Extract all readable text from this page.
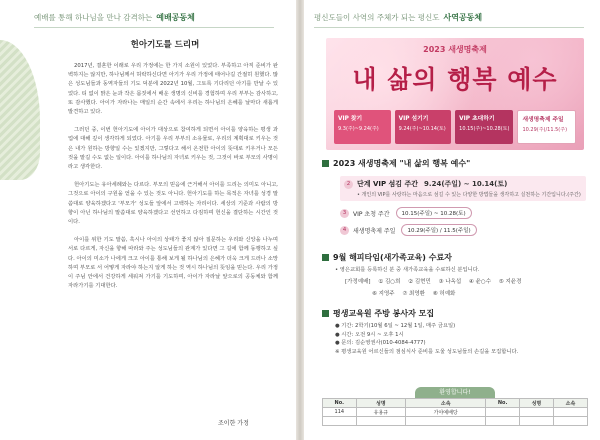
예배를 통해 하나님을 만나 감격하는 예배공동체
헌아기도를 드리며

2017년, 결혼한 이래로 우리 가정에는 한 가지 소원이 있었다. 부족하고 아직 준비가 완벽하지는 않지만, 하나님께서 허락하신다면 아기가 우리 가정에 태어나길 간절히 원했다. 많은 성도님들과 동역자들의 기도 덕분에 2022년 10월, 그토록 기다리던 아기를 만날 수 있었다. 티 없이 맑은 눈과 작은 몸짓에서 배운 생명의 신비를 경험하며 우리 부부는 감사하고, 또 감사했다. 아이가 자라나는 매일의 순간 속에서 우리는 하나님의 은혜를 날마다 새롭게 발견하고 있다.

그러던 중, 이번 헌아기도에 아이가 대상으로 참여하게 되면서 아이를 양육하는 평생 과업에 대해 깊이 생각하게 되었다. 아기를 우리 부부의 소유물로, 우리의 계획대로 키우는 것은 내가 원하는 방향일 수는 있겠지만, 그렇다고 해서 온전한 아이의 뜻대로 키우거나 모든 것을 맡길 수도 없는 일이다. 아이를 하나님의 자녀로 키우는 것, 그것이 바로 부모의 사명이라고 생각한다.

헌아기도는 유아세례와는 다르다. 부모의 믿음에 근거해서 아이를 드리는 의미도 아니고, 그것으로 아이의 구원을 얻을 수 있는 것도 아니다. 헌아기도를 하는 목적은 자녀를 성경 말씀대로 양육하겠다고 '부모가' 성도들 앞에서 고백하는 자리이다. 세상의 기준과 사람의 방향이 아닌 하나님의 말씀대로 양육하겠다고 선언하고 다짐하며 헌신을 결단하는 시간인 것이다.

아이를 위한 기도 말씀, 혹시나 아이의 상태가 좋지 않아 질문하는 우리와 신앙을 나누며 서로 다르게, 자신을 향해 따라와 주는 성도님들의 관계가 있다면 그 길에 함께 동행하고 싶다. 아이의 미소가 나에게 크고 아이를 통해 보게 될 하나님의 은혜가 더욱 크게 드러나 소망하며 부모로 서 어떻게 자라야 하는지 알게 하는 것 역시 하나님의 뜻임을 믿는다. 우리 가정이 주님 안에서 건강하게 세워져 가기를 기도하며, 아이가 자라날 앞으로의 공동체와 함께 자라가기를 기대한다.

조이한 가정
평신도들이 사역의 주체가 되는 평신도 사역공동체
2023 새생명축제
내 삶의 행복 예수
VIP 찾기
9.3(주)~9.24(주)
VIP 섬기기
9.24(주)~10.14(토)
VIP 초대하기
10.15(주)~10.28(토)
새생명축제 주일
10.29(주)/11.5(주)
2023 새생명축제 "내 삶의 행복 예수"
2 단계 VIP 섬김 주간 9.24(주일) ~ 10.14(토)
• 개인의 VIP를 사랑하는 마음으로 섬길 수 있는 다양한 방법들을 생각하고 실천하는 기간입니다.(주간)
3	VIP 초청 주간	10.15(주일) ~ 10.28(토)
4	새생명축제 주일	10.29(주일) / 11.5(주일)
9월 해피타임(새가족교육) 수료자
• 영은교회를 등록하신 분 중 새가족교육을 수료하신 분입니다.
[가정예배] ① 김○희 ② 김현민 ③ 나옥섭 ④ 윤○수 ⑤ 지윤경
⑥ 지영주 ⑦ 최영환 ⑧ 허예화
평생교육원 주방 봉사자 모집
● 기간: 2학기(10월 6일 ~ 12월 1일, 매주 금요일)
● 시간: 오전 9시 ~ 오후 1시
● 문의: 김순영권사(010-4084-4777)
※ 평생교육원 어르신들의 점심식사 준비를 도울 성도님들의 손길을 모집합니다.
환영합니다!
No.	성명	소속	No.	성명	소속
114	유용규	가야예배당			
